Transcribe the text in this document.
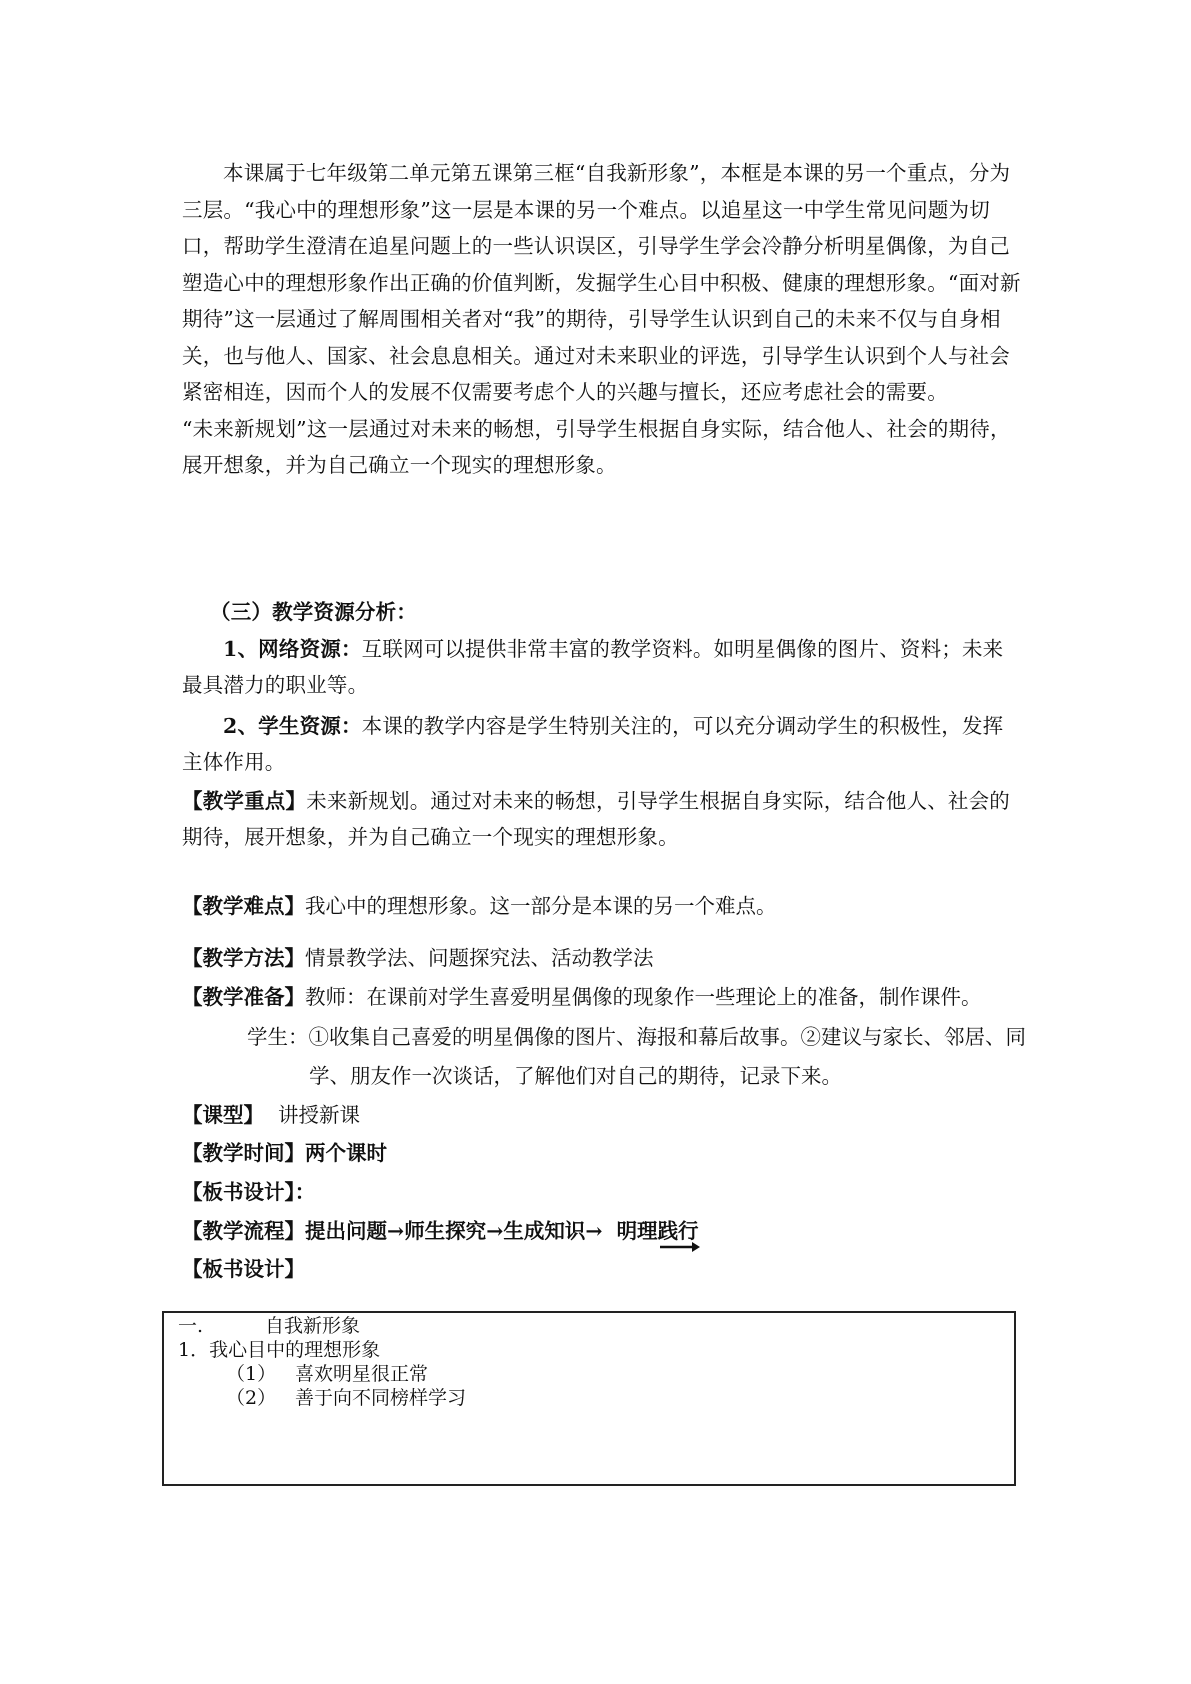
本课属于七年级第二单元第五课第三框“自我新形象”，本框是本课的另一个重点，分为三层。“我心中的理想形象”这一层是本课的另一个难点。以追星这一中学生常见问题为切口，帮助学生澄清在追星问题上的一些认识误区，引导学生学会冷静分析明星偶像，为自己塑造心中的理想形象作出正确的价值判断，发掘学生心目中积极、健康的理想形象。“面对新期待”这一层通过了解周围相关者对“我”的期待，引导学生认识到自己的未来不仅与自身相关，也与他人、国家、社会息息相关。通过对未来职业的评选，引导学生认识到个人与社会紧密相连，因而个人的发展不仅需要考虑个人的兴趣与擅长，还应考虑社会的需要。

“未来新规划”这一层通过对未来的畅想，引导学生根据自身实际，结合他人、社会的期待，展开想象，并为自己确立一个现实的理想形象。

（三）教学资源分析：

1、网络资源：互联网可以提供非常丰富的教学资料。如明星偶像的图片、资料；未来最具潜力的职业等。

2、学生资源：本课的教学内容是学生特别关注的，可以充分调动学生的积极性，发挥主体作用。

【教学重点】未来新规划。通过对未来的畅想，引导学生根据自身实际，结合他人、社会的期待，展开想象，并为自己确立一个现实的理想形象。

【教学难点】我心中的理想形象。这一部分是本课的另一个难点。
【教学方法】情景教学法、问题探究法、活动教学法
【教学准备】教师：在课前对学生喜爱明星偶像的现象作一些理论上的准备，制作课件。
学生：①收集自己喜爱的明星偶像的图片、海报和幕后故事。②建议与家长、邻居、同
学、朋友作一次谈话，了解他们对自己的期待，记录下来。
【课型】 讲授新课
【教学时间】两个课时
【板书设计】：
【教学流程】提出问题→师生探究→生成知识→ 明理践行
【板书设计】
一.	自我新形象
1．我心目中的理想形象
（1） 喜欢明星很正常
（2） 善于向不同榜样学习
